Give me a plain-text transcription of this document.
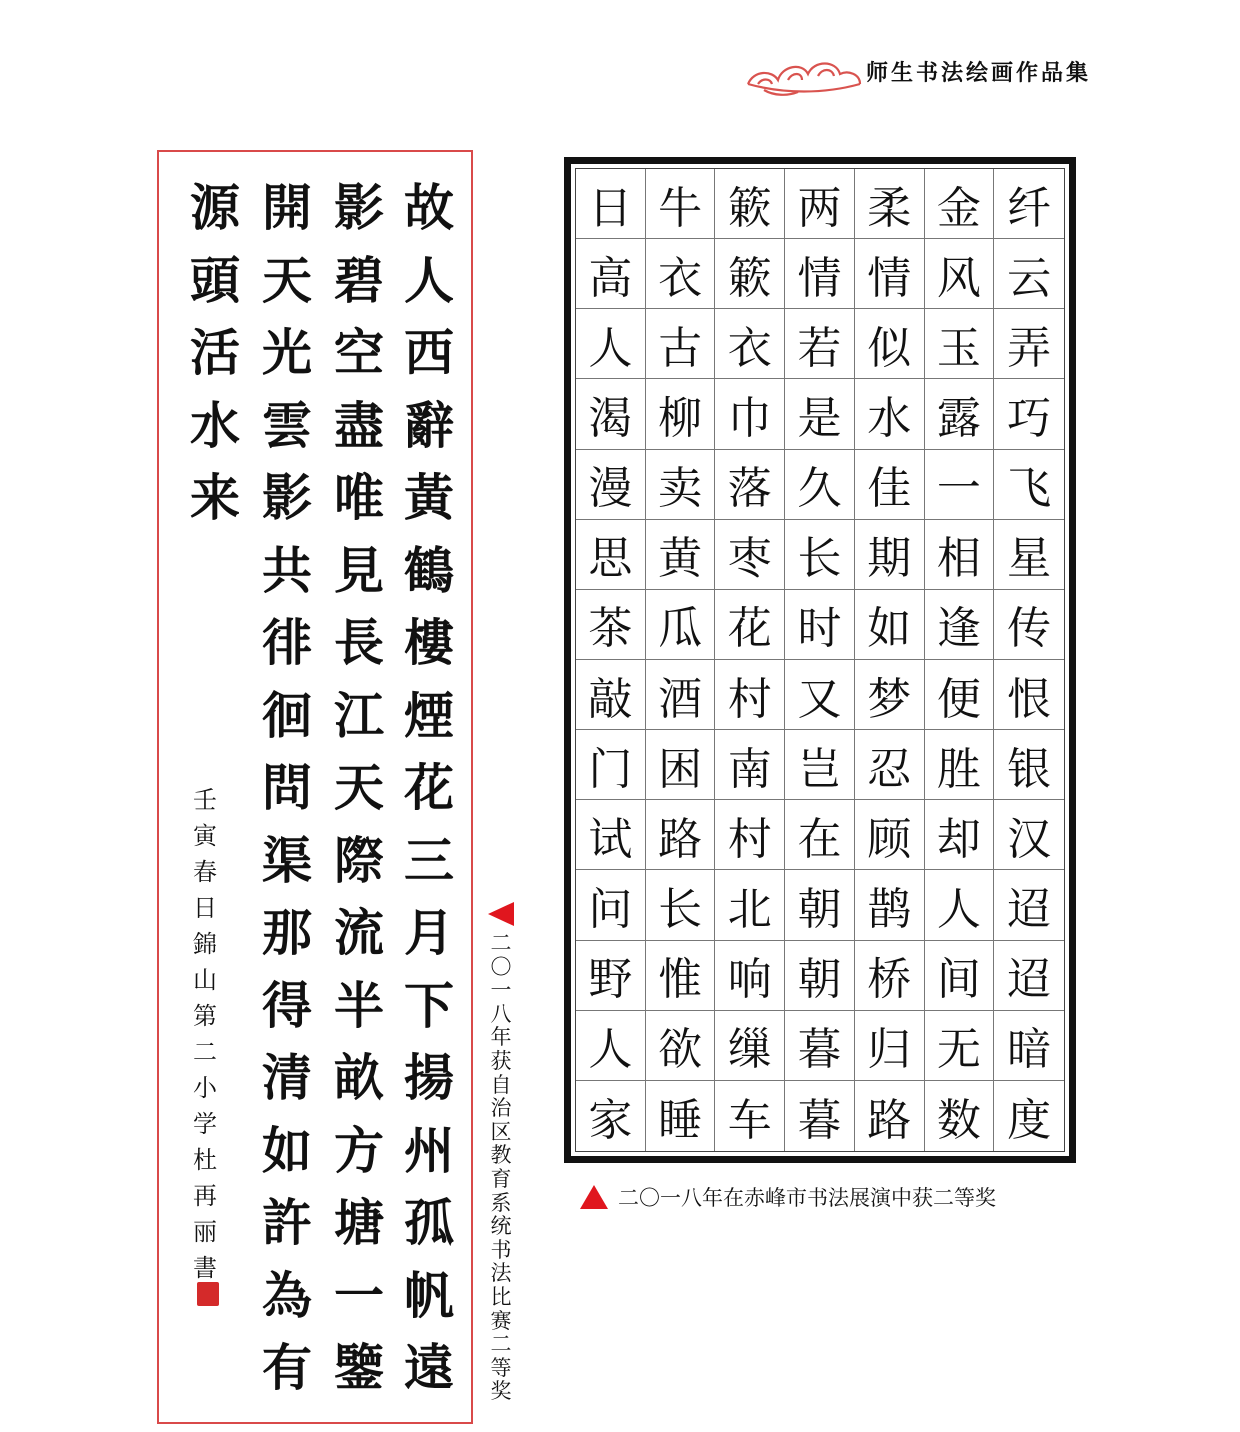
师生书法绘画作品集
故
人
西
辭
黃
鶴
樓
煙
花
三
月
下
揚
州
孤
帆
遠
影
碧
空
盡
唯
見
長
江
天
際
流
半
畝
方
塘
一
鑒
開
天
光
雲
影
共
徘
徊
問
渠
那
得
清
如
許
為
有
源
頭
活
水
来
壬
寅
春
日
錦
山
第
二
小
学
杜
再
丽
書
二
〇
一
八
年
获
自
治
区
教
育
系
统
书
法
比
赛
二
等
奖
日 牛 簌 两 柔 金 纤
高 衣 簌 情 情 风 云
人 古 衣 若 似 玉 弄
渴 柳 巾 是 水 露 巧
漫 卖 落 久 佳 一 飞
思 黄 枣 长 期 相 星
茶 瓜 花 时 如 逢 传
敲 酒 村 又 梦 便 恨
门 困 南 岂 忍 胜 银
试 路 村 在 顾 却 汉
问 长 北 朝 鹊 人 迢
野 惟 响 朝 桥 间 迢
人 欲 缫 暮 归 无 暗
家 睡 车 暮 路 数 度
二〇一八年在赤峰市书法展演中获二等奖
